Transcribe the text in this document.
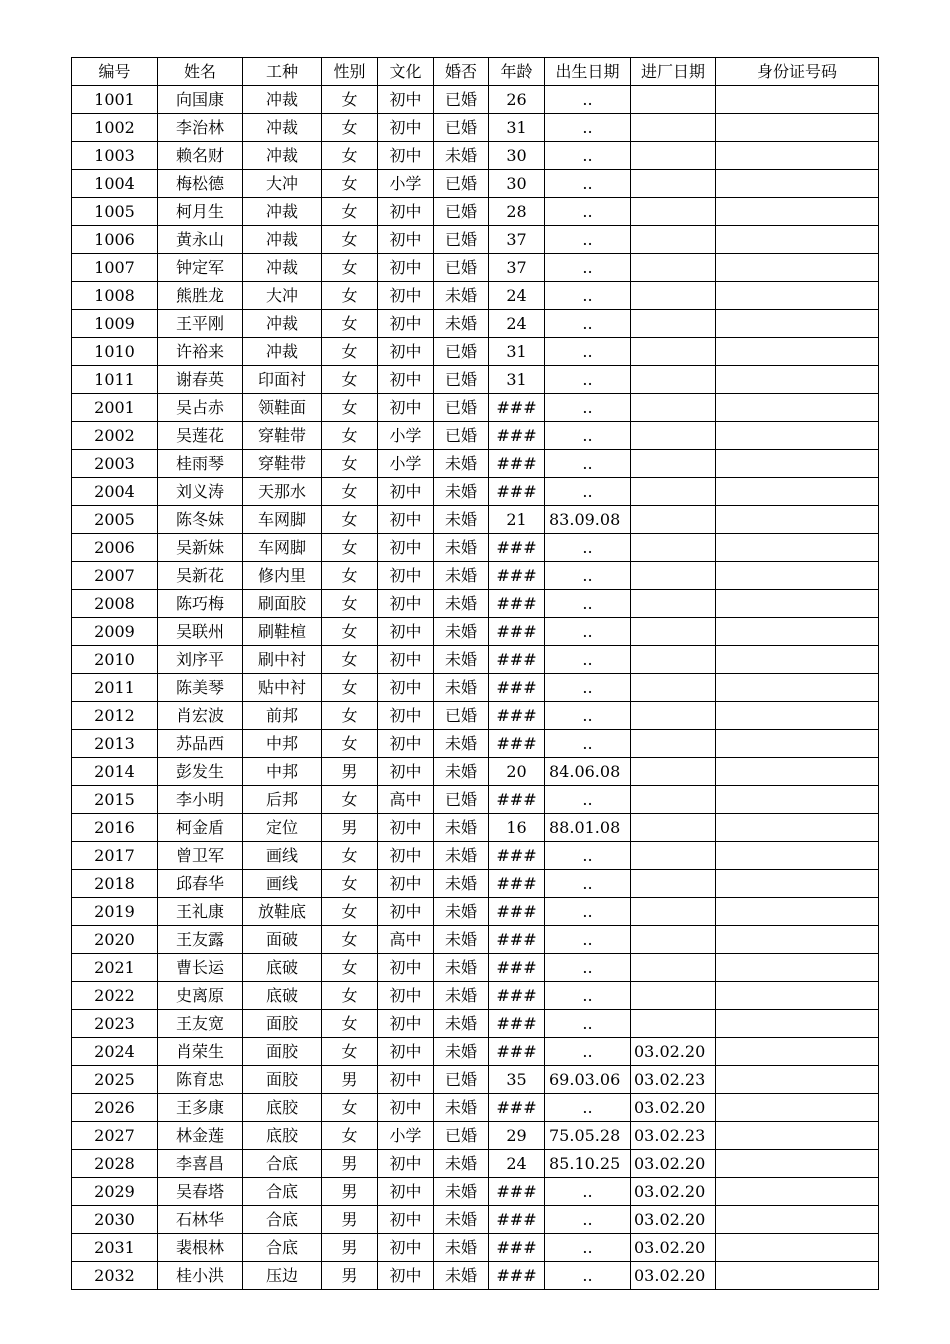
编号	姓名	工种	性别	文化	婚否	年龄	出生日期	进厂日期	身份证号码
1001	向国康	冲裁	女	初中	已婚	26	..		
1002	李治林	冲裁	女	初中	已婚	31	..		
1003	赖名财	冲裁	女	初中	未婚	30	..		
1004	梅松德	大冲	女	小学	已婚	30	..		
1005	柯月生	冲裁	女	初中	已婚	28	..		
1006	黄永山	冲裁	女	初中	已婚	37	..		
1007	钟定军	冲裁	女	初中	已婚	37	..		
1008	熊胜龙	大冲	女	初中	未婚	24	..		
1009	王平刚	冲裁	女	初中	未婚	24	..		
1010	许裕来	冲裁	女	初中	已婚	31	..		
1011	谢春英	印面衬	女	初中	已婚	31	..		
2001	吴占赤	领鞋面	女	初中	已婚	###	..		
2002	吴莲花	穿鞋带	女	小学	已婚	###	..		
2003	桂雨琴	穿鞋带	女	小学	未婚	###	..		
2004	刘义涛	天那水	女	初中	未婚	###	..		
2005	陈冬妹	车网脚	女	初中	未婚	21	83.09.08		
2006	吴新妹	车网脚	女	初中	未婚	###	..		
2007	吴新花	修内里	女	初中	未婚	###	..		
2008	陈巧梅	刷面胶	女	初中	未婚	###	..		
2009	吴联州	刷鞋楦	女	初中	未婚	###	..		
2010	刘序平	刷中衬	女	初中	未婚	###	..		
2011	陈美琴	贴中衬	女	初中	未婚	###	..		
2012	肖宏波	前邦	女	初中	已婚	###	..		
2013	苏品西	中邦	女	初中	未婚	###	..		
2014	彭发生	中邦	男	初中	未婚	20	84.06.08		
2015	李小明	后邦	女	高中	已婚	###	..		
2016	柯金盾	定位	男	初中	未婚	16	88.01.08		
2017	曾卫军	画线	女	初中	未婚	###	..		
2018	邱春华	画线	女	初中	未婚	###	..		
2019	王礼康	放鞋底	女	初中	未婚	###	..		
2020	王友露	面破	女	高中	未婚	###	..		
2021	曹长运	底破	女	初中	未婚	###	..		
2022	史离原	底破	女	初中	未婚	###	..		
2023	王友宽	面胶	女	初中	未婚	###	..		
2024	肖荣生	面胶	女	初中	未婚	###	..	03.02.20	
2025	陈育忠	面胶	男	初中	已婚	35	69.03.06	03.02.23	
2026	王多康	底胶	女	初中	未婚	###	..	03.02.20	
2027	林金莲	底胶	女	小学	已婚	29	75.05.28	03.02.23	
2028	李喜昌	合底	男	初中	未婚	24	85.10.25	03.02.20	
2029	吴春塔	合底	男	初中	未婚	###	..	03.02.20	
2030	石林华	合底	男	初中	未婚	###	..	03.02.20	
2031	裴根林	合底	男	初中	未婚	###	..	03.02.20	
2032	桂小洪	压边	男	初中	未婚	###	..	03.02.20	
